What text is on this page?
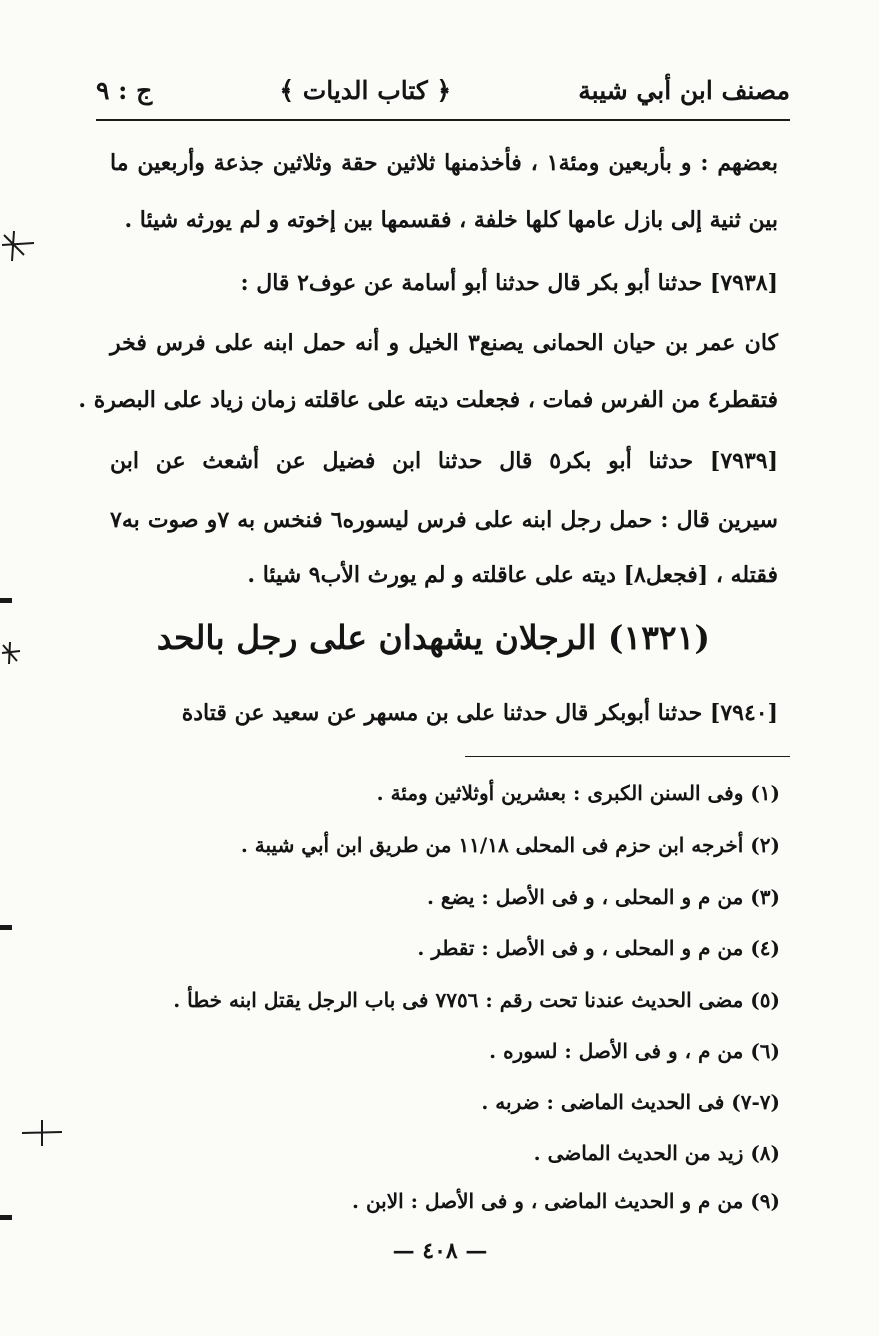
مصنف ابن أبي شيبة
﴿ كتاب الديات ﴾
ج : ٩
بعضهم : و بأربعين ومئة١ ، فأخذمنها ثلاثين حقة وثلاثين جذعة وأربعين ما
بين ثنية إلى بازل عامها كلها خلفة ، فقسمها بين إخوته و لم يورثه شيئا .
[٧٩٣٨] حدثنا أبو بكر قال حدثنا أبو أسامة عن عوف٢ قال :
كان عمر بن حيان الحمانى يصنع٣ الخيل و أنه حمل ابنه على فرس فخر
فتقطر٤ من الفرس فمات ، فجعلت ديته على عاقلته زمان زياد على البصرة .
[٧٩٣٩] حدثنا أبو بكر٥ قال حدثنا ابن فضيل عن أشعث عن ابن
سيرين قال : حمل رجل ابنه على فرس ليسوره٦ فنخس به ٧و صوت به٧
فقتله ، [فجعل٨] ديته على عاقلته و لم يورث الأب٩ شيئا .
(١٣٢١) الرجلان يشهدان على رجل بالحد
[٧٩٤٠] حدثنا أبوبكر قال حدثنا على بن مسهر عن سعيد عن قتادة
(١) وفى السنن الكبرى : بعشرين أوثلاثين ومئة .
(٢) أخرجه ابن حزم فى المحلى ١١/١٨ من طريق ابن أبي شيبة .
(٣) من م و المحلى ، و فى الأصل : يضع .
(٤) من م و المحلى ، و فى الأصل : تقطر .
(٥) مضى الحديث عندنا تحت رقم : ٧٧٥٦ فى باب الرجل يقتل ابنه خطأ .
(٦) من م ، و فى الأصل : لسوره .
(٧-٧) فى الحديث الماضى : ضربه .
(٨) زيد من الحديث الماضى .
(٩) من م و الحديث الماضى ، و فى الأصل : الابن .
— ٤٠٨ —
